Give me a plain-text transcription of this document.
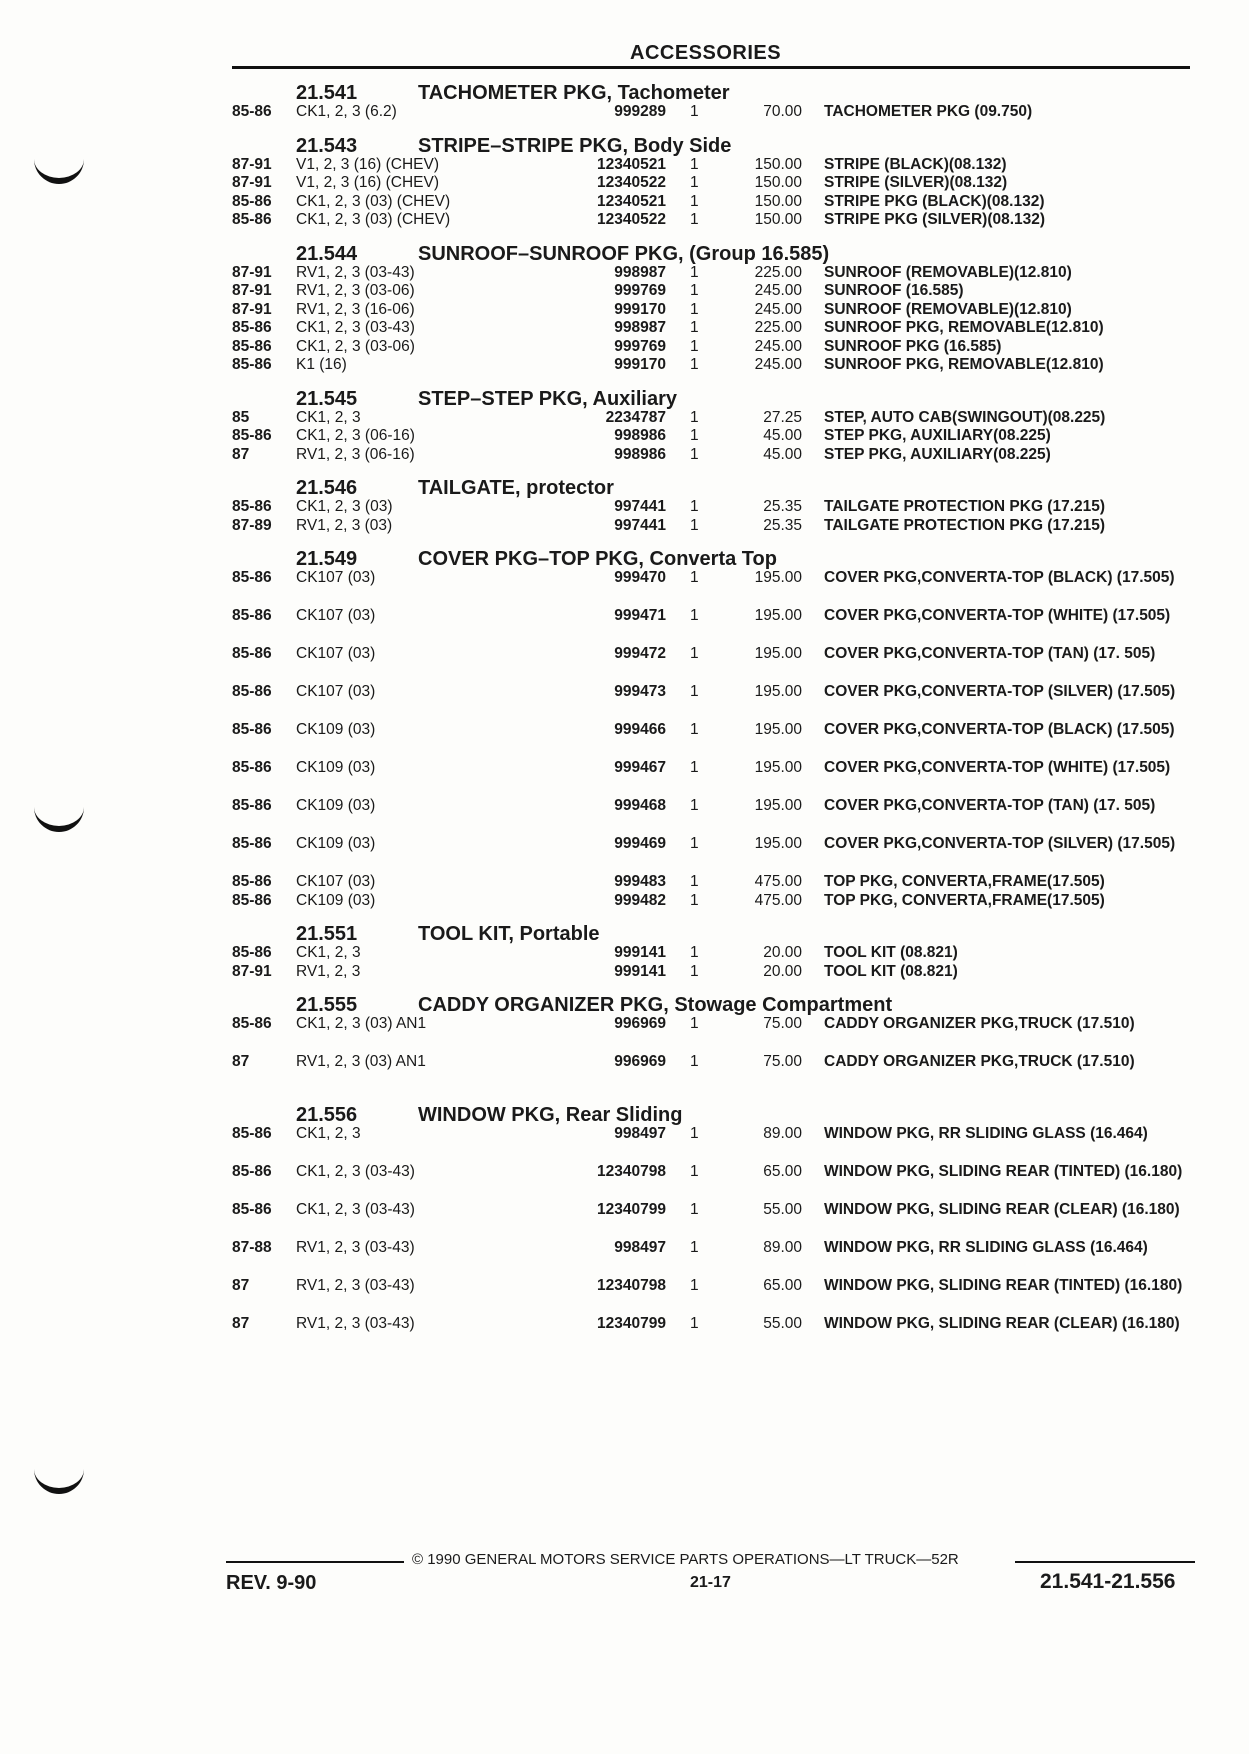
ACCESSORIES
21.541	TACHOMETER PKG, Tachometer
85-86 CK1, 2, 3 (6.2)	999289 1	70.00 TACHOMETER PKG (09.750)
21.543	STRIPE–STRIPE PKG, Body Side
87-91 V1, 2, 3 (16) (CHEV)	12340521 1	150.00 STRIPE (BLACK)(08.132)
87-91 V1, 2, 3 (16) (CHEV)	12340522 1	150.00 STRIPE (SILVER)(08.132)
85-86 CK1, 2, 3 (03) (CHEV)	12340521 1	150.00 STRIPE PKG (BLACK)(08.132)
85-86 CK1, 2, 3 (03) (CHEV)	12340522 1	150.00 STRIPE PKG (SILVER)(08.132)
21.544	SUNROOF–SUNROOF PKG, (Group 16.585)
87-91 RV1, 2, 3 (03-43)	998987 1	225.00 SUNROOF (REMOVABLE)(12.810)
87-91 RV1, 2, 3 (03-06)	999769 1	245.00 SUNROOF (16.585)
87-91 RV1, 2, 3 (16-06)	999170 1	245.00 SUNROOF (REMOVABLE)(12.810)
85-86 CK1, 2, 3 (03-43)	998987 1	225.00 SUNROOF PKG, REMOVABLE(12.810)
85-86 CK1, 2, 3 (03-06)	999769 1	245.00 SUNROOF PKG (16.585)
85-86 K1 (16)	999170 1	245.00 SUNROOF PKG, REMOVABLE(12.810)
21.545	STEP–STEP PKG, Auxiliary
85	CK1, 2, 3	2234787 1	27.25 STEP, AUTO CAB(SWINGOUT)(08.225)
85-86 CK1, 2, 3 (06-16)	998986 1	45.00 STEP PKG, AUXILIARY(08.225)
87	RV1, 2, 3 (06-16)	998986 1	45.00 STEP PKG, AUXILIARY(08.225)
21.546	TAILGATE, protector
85-86 CK1, 2, 3 (03)	997441 1	25.35 TAILGATE PROTECTION PKG (17.215)
87-89 RV1, 2, 3 (03)	997441 1	25.35 TAILGATE PROTECTION PKG (17.215)
21.549	COVER PKG–TOP PKG, Converta Top
85-86 CK107 (03)	999470 1	195.00 COVER PKG,CONVERTA-TOP (BLACK) (17.505)
85-86 CK107 (03)	999471 1	195.00 COVER PKG,CONVERTA-TOP (WHITE) (17.505)
85-86 CK107 (03)	999472 1	195.00 COVER PKG,CONVERTA-TOP (TAN) (17. 505)
85-86 CK107 (03)	999473 1	195.00 COVER PKG,CONVERTA-TOP (SILVER) (17.505)
85-86 CK109 (03)	999466 1	195.00 COVER PKG,CONVERTA-TOP (BLACK) (17.505)
85-86 CK109 (03)	999467 1	195.00 COVER PKG,CONVERTA-TOP (WHITE) (17.505)
85-86 CK109 (03)	999468 1	195.00 COVER PKG,CONVERTA-TOP (TAN) (17. 505)
85-86 CK109 (03)	999469 1	195.00 COVER PKG,CONVERTA-TOP (SILVER) (17.505)
85-86 CK107 (03)	999483 1	475.00 TOP PKG, CONVERTA,FRAME(17.505)
85-86 CK109 (03)	999482 1	475.00 TOP PKG, CONVERTA,FRAME(17.505)
21.551	TOOL KIT, Portable
85-86 CK1, 2, 3	999141 1	20.00 TOOL KIT (08.821)
87-91 RV1, 2, 3	999141 1	20.00 TOOL KIT (08.821)
21.555	CADDY ORGANIZER PKG, Stowage Compartment
85-86 CK1, 2, 3 (03) AN1	996969 1	75.00 CADDY ORGANIZER PKG,TRUCK (17.510)
87	RV1, 2, 3 (03) AN1	996969 1	75.00 CADDY ORGANIZER PKG,TRUCK (17.510)
21.556	WINDOW PKG, Rear Sliding
85-86 CK1, 2, 3	998497 1	89.00 WINDOW PKG, RR SLIDING GLASS (16.464)
85-86 CK1, 2, 3 (03-43)	12340798 1	65.00 WINDOW PKG, SLIDING REAR (TINTED) (16.180)
85-86 CK1, 2, 3 (03-43)	12340799 1	55.00 WINDOW PKG, SLIDING REAR (CLEAR) (16.180)
87-88 RV1, 2, 3 (03-43)	998497 1	89.00 WINDOW PKG, RR SLIDING GLASS (16.464)
87	RV1, 2, 3 (03-43)	12340798 1	65.00 WINDOW PKG, SLIDING REAR (TINTED) (16.180)
87	RV1, 2, 3 (03-43)	12340799 1	55.00 WINDOW PKG, SLIDING REAR (CLEAR) (16.180)
© 1990 GENERAL MOTORS SERVICE PARTS OPERATIONS—LT TRUCK—52R
REV. 9-90	21-17	21.541-21.556
